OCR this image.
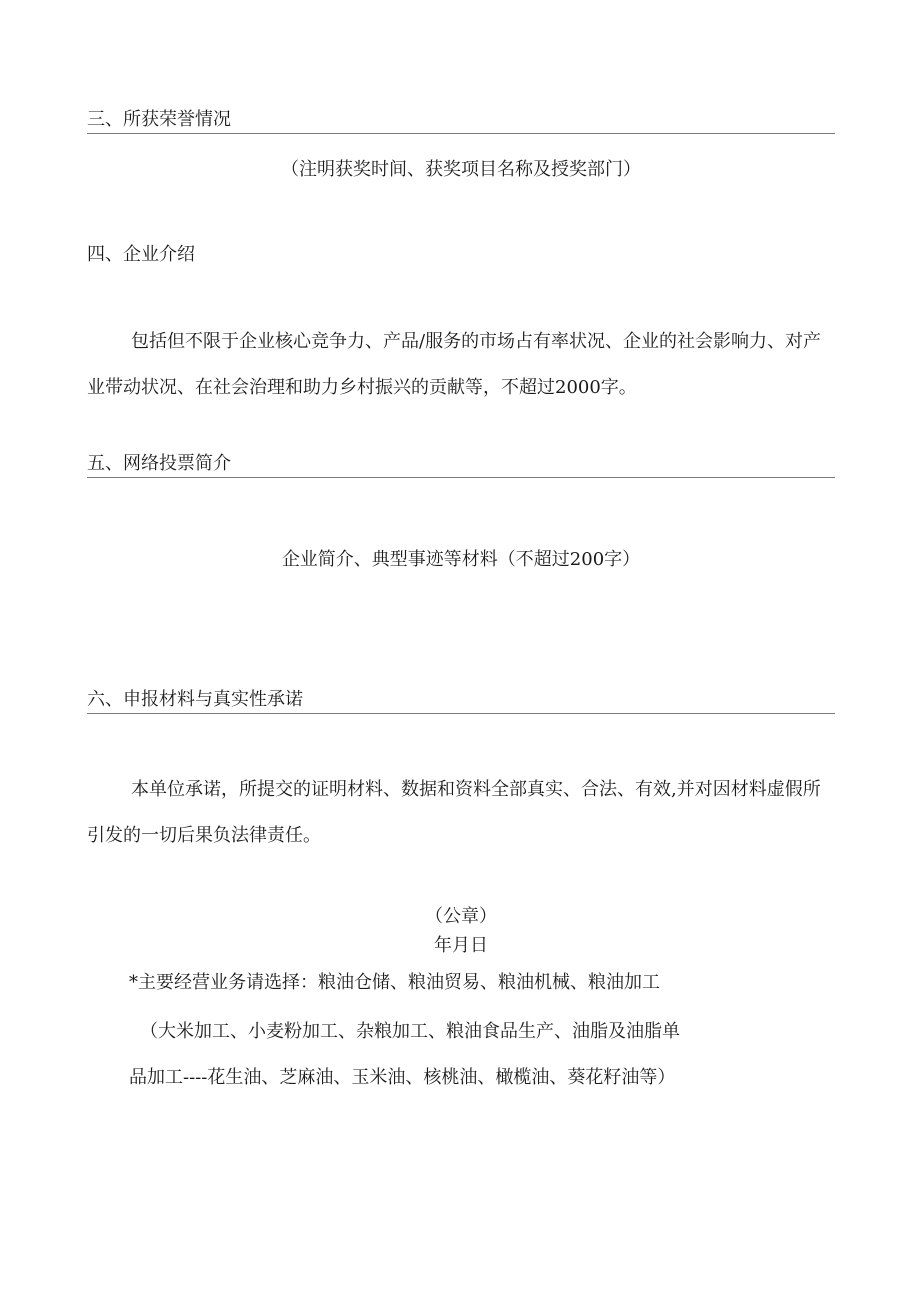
三、所获荣誉情况
（注明获奖时间、获奖项目名称及授奖部门）
四、企业介绍
包括但不限于企业核心竞争力、产品/服务的市场占有率状况、企业的社会影响力、对产业带动状况、在社会治理和助力乡村振兴的贡献等，不超过2000字。
五、网络投票简介
企业简介、典型事迹等材料（不超过200字）
六、申报材料与真实性承诺
本单位承诺，所提交的证明材料、数据和资料全部真实、合法、有效,并对因材料虚假所引发的一切后果负法律责任。
（公章）
年月日
*主要经营业务请选择：粮油仓储、粮油贸易、粮油机械、粮油加工
（大米加工、小麦粉加工、杂粮加工、粮油食品生产、油脂及油脂单
品加工----花生油、芝麻油、玉米油、核桃油、橄榄油、葵花籽油等）
